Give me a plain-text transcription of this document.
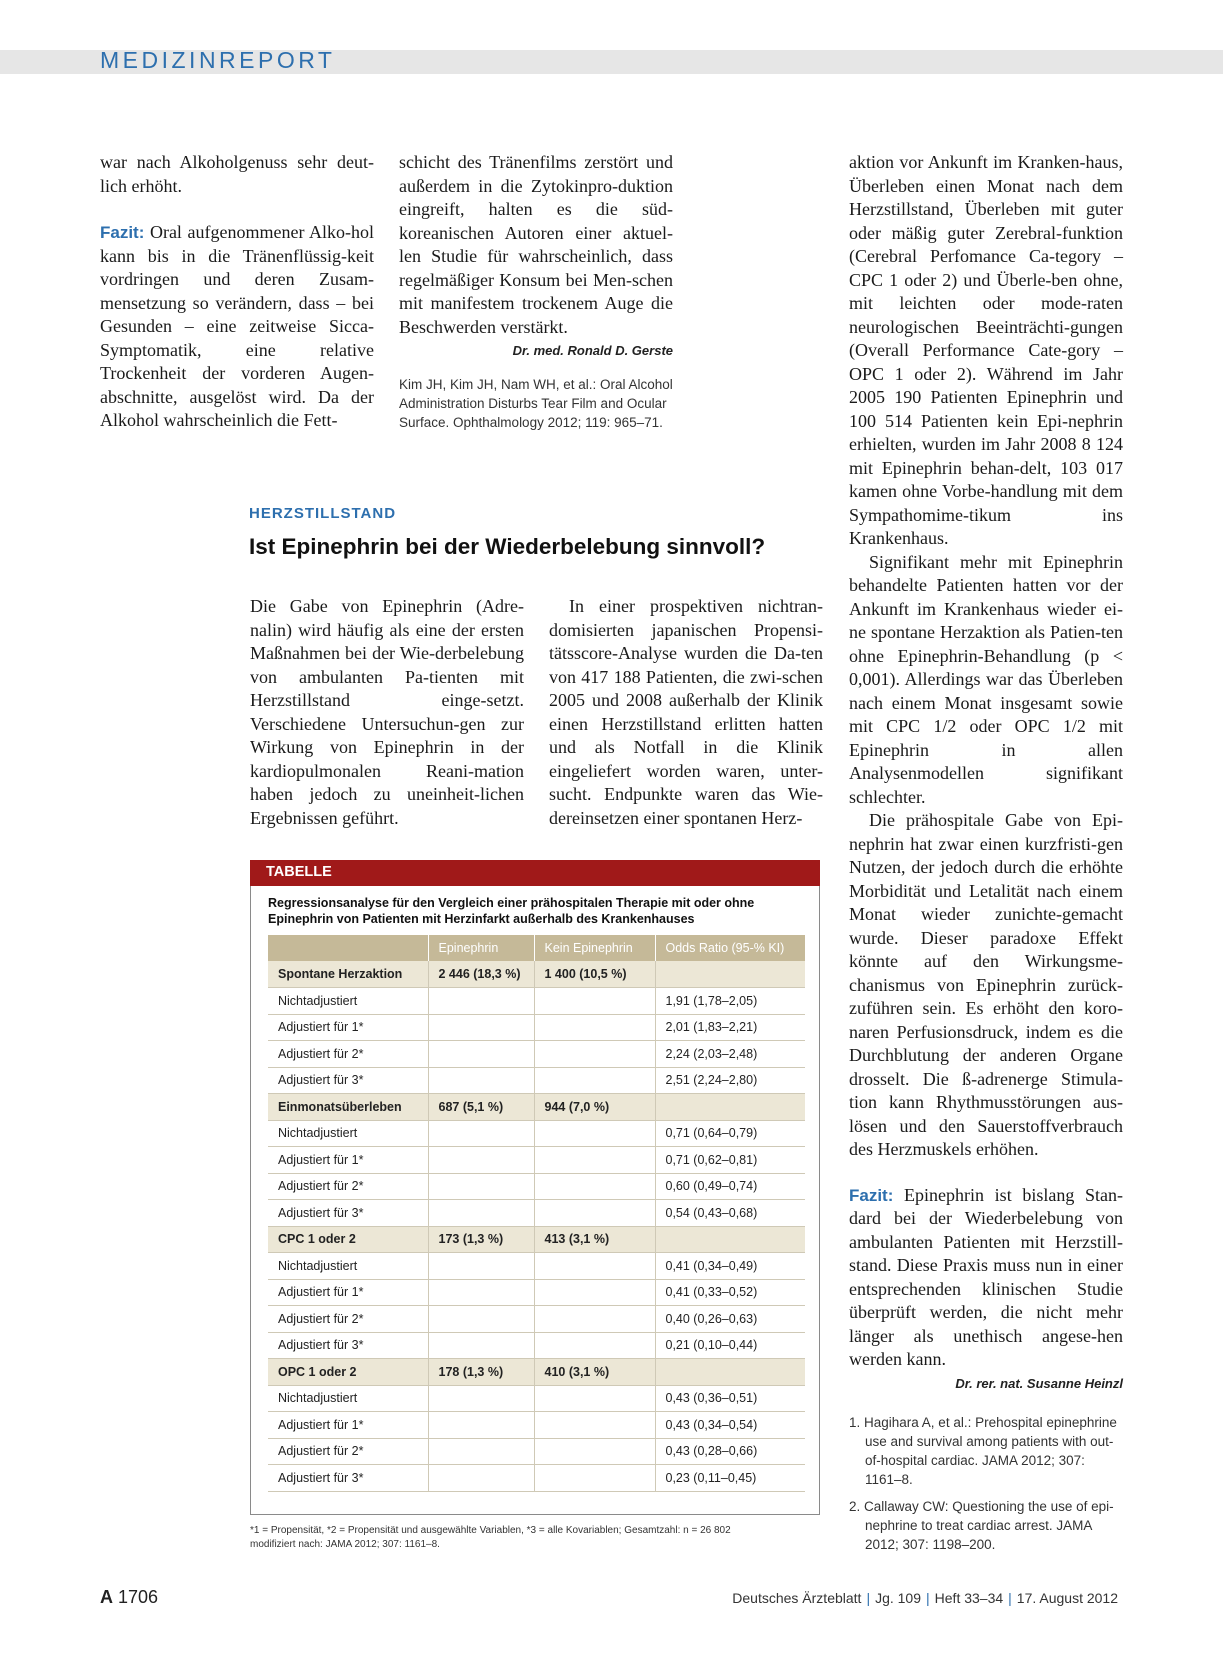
MEDIZINREPORT

war nach Alkoholgenuss sehr deut-lich erhöht.

Fazit: Oral aufgenommener Alko-hol kann bis in die Tränenflüssig-keit vordringen und deren Zusam-mensetzung so verändern, dass – bei Gesunden – eine zeitweise Sicca-Symptomatik, eine relative Trockenheit der vorderen Augen-abschnitte, ausgelöst wird. Da der Alkohol wahrscheinlich die Fett-

schicht des Tränenfilms zerstört und außerdem in die Zytokinpro-duktion eingreift, halten es die süd-koreanischen Autoren einer aktuel-len Studie für wahrscheinlich, dass regelmäßiger Konsum bei Men-schen mit manifestem trockenem Auge die Beschwerden verstärkt.

Dr. med. Ronald D. Gerste
Kim JH, Kim JH, Nam WH, et al.: Oral Alcohol Administration Disturbs Tear Film and Ocular Surface. Ophthalmology 2012; 119: 965–71.
HERZSTILLSTAND
Ist Epinephrin bei der Wiederbelebung sinnvoll?

Die Gabe von Epinephrin (Adre-nalin) wird häufig als eine der ersten Maßnahmen bei der Wie-derbelebung von ambulanten Pa-tienten mit Herzstillstand einge-setzt. Verschiedene Untersuchun-gen zur Wirkung von Epinephrin in der kardiopulmonalen Reani-mation haben jedoch zu uneinheit-lichen Ergebnissen geführt.

In einer prospektiven nichtran-domisierten japanischen Propensi-tätsscore-Analyse wurden die Da-ten von 417 188 Patienten, die zwi-schen 2005 und 2008 außerhalb der Klinik einen Herzstillstand erlitten hatten und als Notfall in die Klinik eingeliefert worden waren, unter-sucht. Endpunkte waren das Wie-dereinsetzen einer spontanen Herz-

aktion vor Ankunft im Kranken-haus, Überleben einen Monat nach dem Herzstillstand, Überleben mit guter oder mäßig guter Zerebral-funktion (Cerebral Perfomance Ca-tegory – CPC 1 oder 2) und Überle-ben ohne, mit leichten oder mode-raten neurologischen Beeinträchti-gungen (Overall Performance Cate-gory – OPC 1 oder 2). Während im Jahr 2005 190 Patienten Epinephrin und 100 514 Patienten kein Epi-nephrin erhielten, wurden im Jahr 2008 8 124 mit Epinephrin behan-delt, 103 017 kamen ohne Vorbe-handlung mit dem Sympathomime-tikum ins Krankenhaus.

Signifikant mehr mit Epinephrin behandelte Patienten hatten vor der Ankunft im Krankenhaus wieder ei-ne spontane Herzaktion als Patien-ten ohne Epinephrin-Behandlung (p < 0,001). Allerdings war das Überleben nach einem Monat insgesamt sowie mit CPC 1/2 oder OPC 1/2 mit Epinephrin in allen Analysenmodellen signifikant schlechter.

Die prähospitale Gabe von Epi-nephrin hat zwar einen kurzfristi-gen Nutzen, der jedoch durch die erhöhte Morbidität und Letalität nach einem Monat wieder zunichte-gemacht wurde. Dieser paradoxe Effekt könnte auf den Wirkungsme-chanismus von Epinephrin zurück-zuführen sein. Es erhöht den koro-naren Perfusionsdruck, indem es die Durchblutung der anderen Organe drosselt. Die ß-adrenerge Stimula-tion kann Rhythmusstörungen aus-lösen und den Sauerstoffverbrauch des Herzmuskels erhöhen.

Fazit: Epinephrin ist bislang Stan-dard bei der Wiederbelebung von ambulanten Patienten mit Herzstill-stand. Diese Praxis muss nun in einer entsprechenden klinischen Studie überprüft werden, die nicht mehr länger als unethisch angese-hen werden kann.

Dr. rer. nat. Susanne Heinzl
1. Hagihara A, et al.: Prehospital epinephrine use and survival among patients with out-of-hospital cardiac. JAMA 2012; 307: 1161–8.
2. Callaway CW: Questioning the use of epi-nephrine to treat cardiac arrest. JAMA 2012; 307: 1198–200.
TABELLE
Regressionsanalyse für den Vergleich einer prähospitalen Therapie mit oder ohne Epinephrin von Patienten mit Herzinfarkt außerhalb des Krankenhauses
	Epinephrin	Kein Epinephrin	Odds Ratio (95-% KI)
Spontane Herzaktion	2 446 (18,3 %)	1 400 (10,5 %)	
Nichtadjustiert			1,91 (1,78–2,05)
Adjustiert für 1*			2,01 (1,83–2,21)
Adjustiert für 2*			2,24 (2,03–2,48)
Adjustiert für 3*			2,51 (2,24–2,80)
Einmonatsüberleben	687 (5,1 %)	944 (7,0 %)	
Nichtadjustiert			0,71 (0,64–0,79)
Adjustiert für 1*			0,71 (0,62–0,81)
Adjustiert für 2*			0,60 (0,49–0,74)
Adjustiert für 3*			0,54 (0,43–0,68)
CPC 1 oder 2	173 (1,3 %)	413 (3,1 %)	
Nichtadjustiert			0,41 (0,34–0,49)
Adjustiert für 1*			0,41 (0,33–0,52)
Adjustiert für 2*			0,40 (0,26–0,63)
Adjustiert für 3*			0,21 (0,10–0,44)
OPC 1 oder 2	178 (1,3 %)	410 (3,1 %)	
Nichtadjustiert			0,43 (0,36–0,51)
Adjustiert für 1*			0,43 (0,34–0,54)
Adjustiert für 2*			0,43 (0,28–0,66)
Adjustiert für 3*			0,23 (0,11–0,45)
*1 = Propensität, *2 = Propensität und ausgewählte Variablen, *3 = alle Kovariablen; Gesamtzahl: n = 26 802
modifiziert nach: JAMA 2012; 307: 1161–8.
A 1706	Deutsches Ärzteblatt | Jg. 109 | Heft 33–34 | 17. August 2012
